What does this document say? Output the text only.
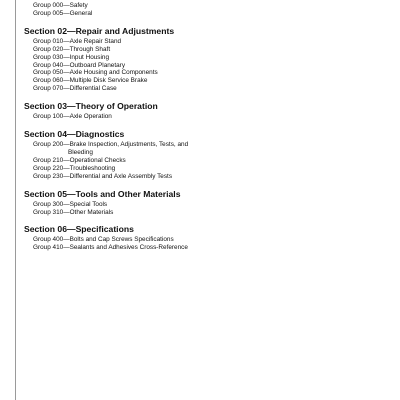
Group 000—Safety
Group 005—General
Section 02—Repair and Adjustments
Group 010—Axle Repair Stand
Group 020—Through Shaft
Group 030—Input Housing
Group 040—Outboard Planetary
Group 050—Axle Housing and Components
Group 060—Multiple Disk Service Brake
Group 070—Differential Case
Section 03—Theory of Operation
Group 100—Axle Operation
Section 04—Diagnostics
Group 200—Brake Inspection, Adjustments, Tests, and
Bleeding
Group 210—Operational Checks
Group 220—Troubleshooting
Group 230—Differential and Axle Assembly Tests
Section 05—Tools and Other Materials
Group 300—Special Tools
Group 310—Other Materials
Section 06—Specifications
Group 400—Bolts and Cap Screws Specifications
Group 410—Sealants and Adhesives Cross-Reference
